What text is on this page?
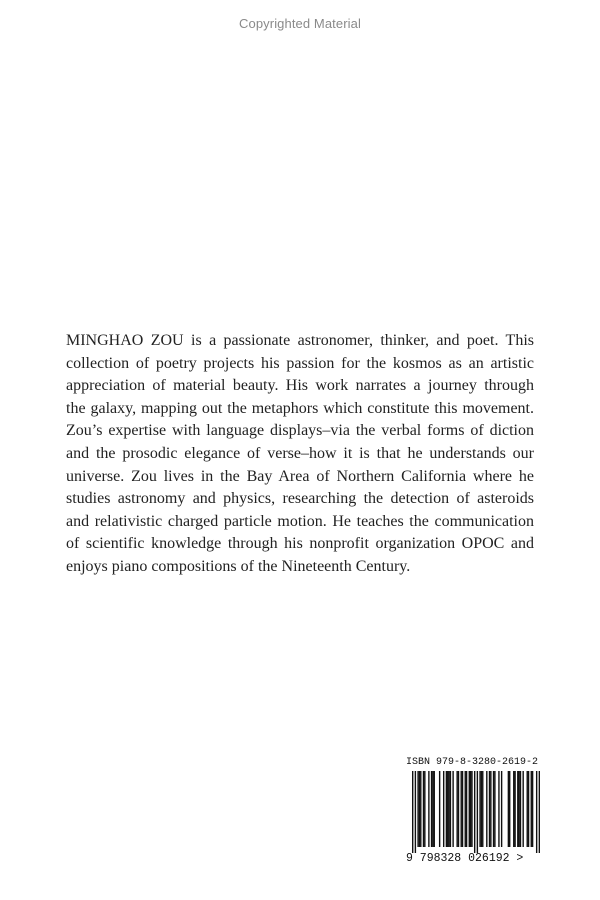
Copyrighted Material
MINGHAO ZOU is a passionate astronomer, thinker, and poet. This
collection of poetry projects his passion for the kosmos as an artistic
appreciation of material beauty. His work narrates a journey through
the galaxy, mapping out the metaphors which constitute this movement.
Zou’s expertise with language displays–via the verbal forms of diction
and the prosodic elegance of verse–how it is that he understands our
universe. Zou lives in the Bay Area of Northern California where he
studies astronomy and physics, researching the detection of asteroids
and relativistic charged particle motion. He teaches the communication
of scientific knowledge through his nonprofit organization OPOC and
enjoys piano compositions of the Nineteenth Century.
ISBN 979-8-3280-2619-2
9 798328 026192 >
